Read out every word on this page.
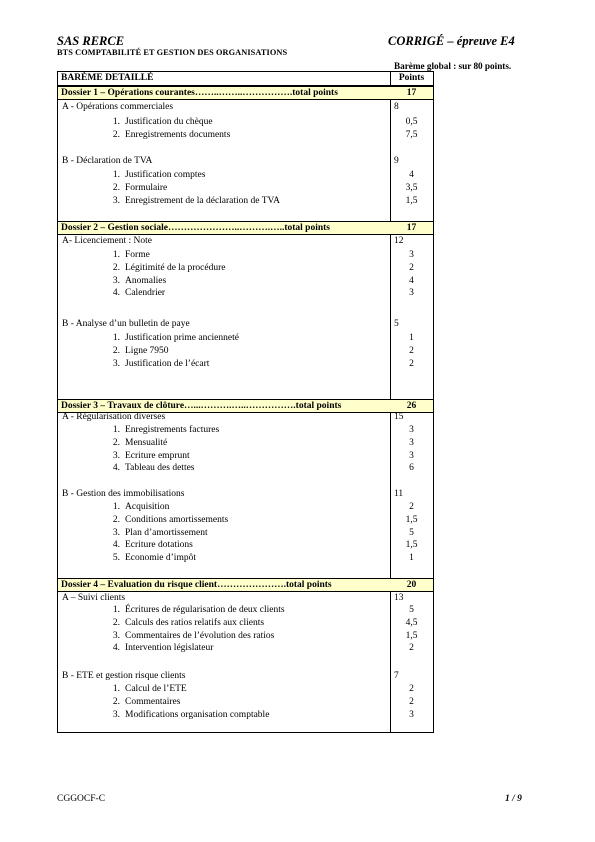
SAS RERCE
BTS COMPTABILITÉ ET GESTION DES ORGANISATIONS
CORRIGÉ – épreuve E4
Barème global : sur 80 points.
BARÈME DETAILLÉ	Points
Dossier 1 – Opérations courantes……..……..…………….total points	17
A - Opérations commerciales	8
1. Justification du chèque	0,5
2. Enregistrements documents	7,5
B - Déclaration de TVA	9
1. Justification comptes	4
2. Formulaire	3,5
3. Enregistrement de la déclaration de TVA	1,5
Dossier 2 – Gestion sociale…………………..……….…..total points	17
A- Licenciement : Note	12
1. Forme	3
2. Légitimité de la procédure	2
3. Anomalies	4
4. Calendrier	3
B - Analyse d’un bulletin de paye	5
1. Justification prime ancienneté	1
2. Ligne 7950	2
3. Justification de l’écart	2
Dossier 3 – Travaux de clôture…...……….…..…………….total points	26
A - Régularisation diverses	15
1. Enregistrements factures	3
2. Mensualité	3
3. Ecriture emprunt	3
4. Tableau des dettes	6
B - Gestion des immobilisations	11
1. Acquisition	2
2. Conditions amortissements	1,5
3. Plan d’amortissement	5
4. Ecriture dotations	1,5
5. Economie d’impôt	1
Dossier 4 – Evaluation du risque client………………….total points	20
A – Suivi clients	13
1. Écritures de régularisation de deux clients	5
2. Calculs des ratios relatifs aux clients	4,5
3. Commentaires de l’évolution des ratios	1,5
4. Intervention législateur	2
B - ETE et gestion risque clients	7
1. Calcul de l’ETE	2
2. Commentaires	2
3. Modifications organisation comptable	3
CGGOCF-C	1 / 9
